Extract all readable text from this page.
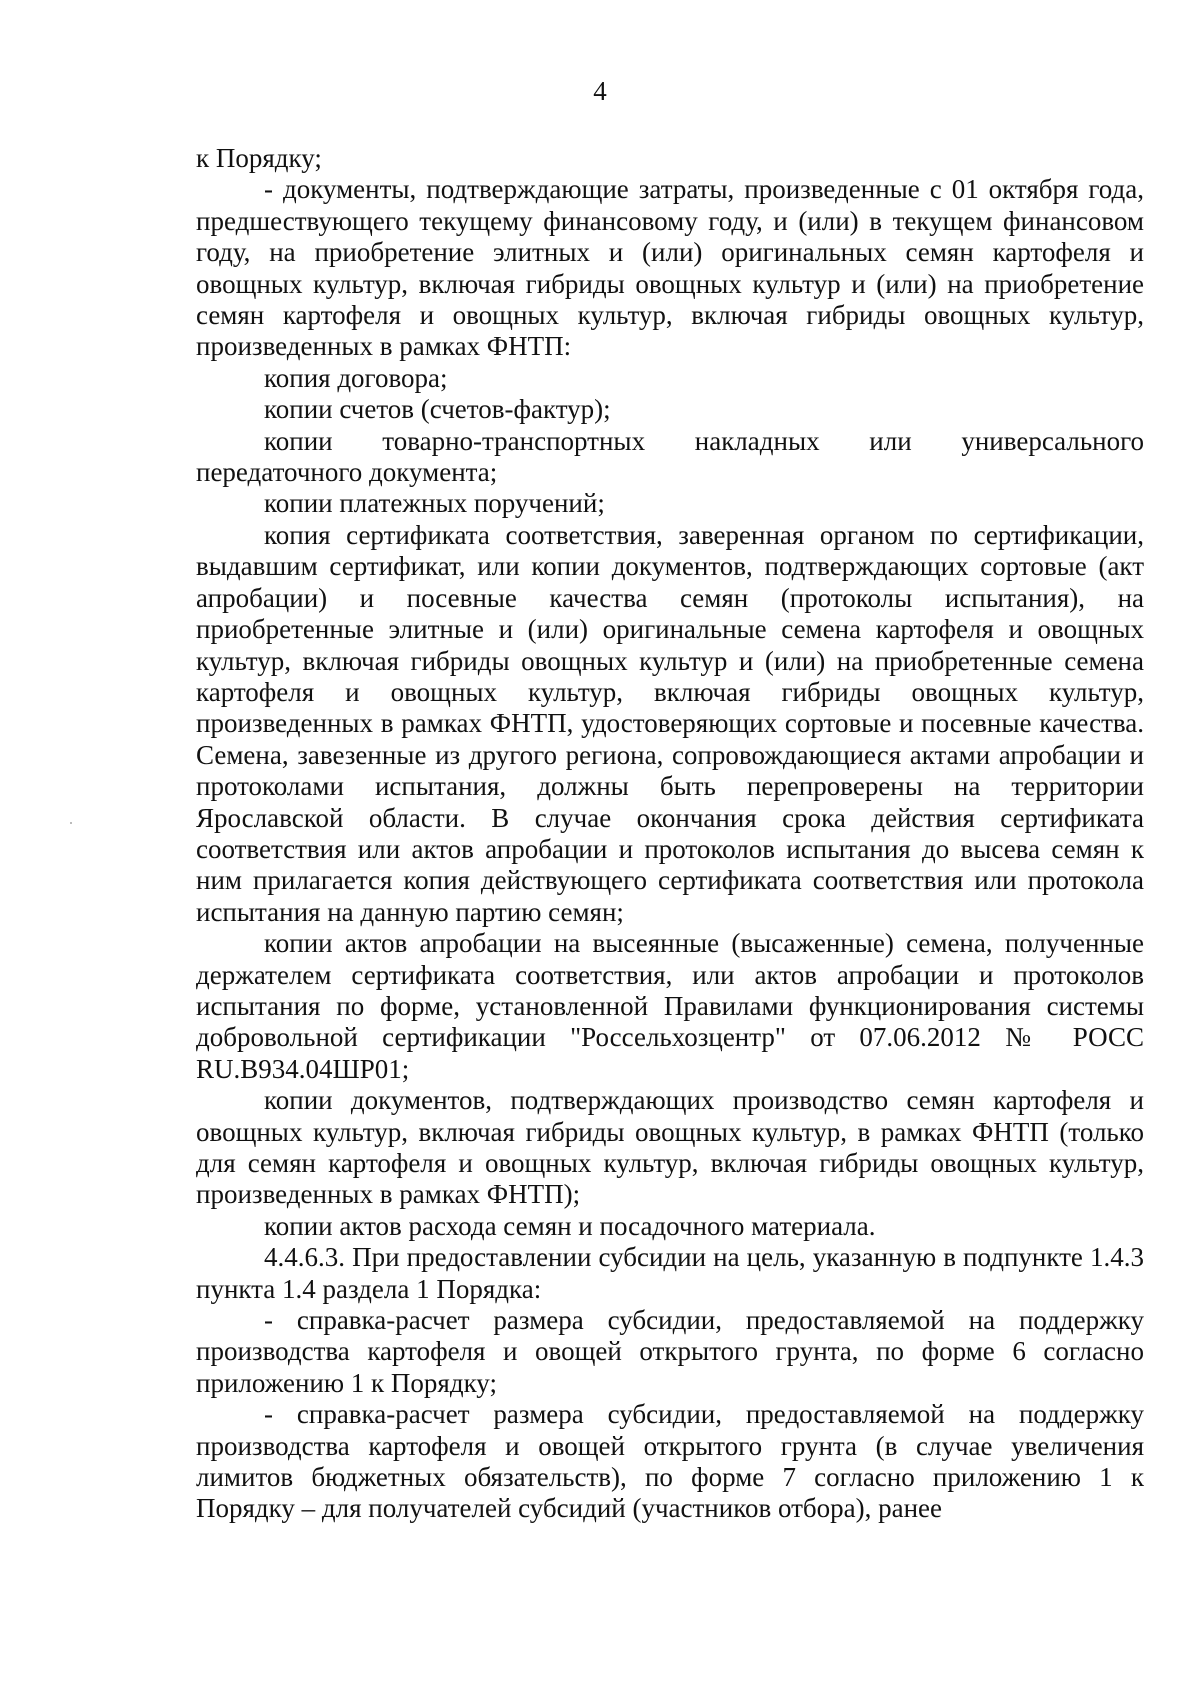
4

к Порядку;

- документы, подтверждающие затраты, произведенные с 01 октября года, предшествующего текущему финансовому году, и (или) в текущем финансовом году, на приобретение элитных и (или) оригинальных семян картофеля и овощных культур, включая гибриды овощных культур и (или) на приобретение семян картофеля и овощных культур, включая гибриды овощных культур, произведенных в рамках ФНТП:

копия договора;

копии счетов (счетов-фактур);

копии товарно-транспортных накладных или универсального передаточного документа;

копии платежных поручений;

копия сертификата соответствия, заверенная органом по сертификации, выдавшим сертификат, или копии документов, подтверждающих сортовые (акт апробации) и посевные качества семян (протоколы испытания), на приобретенные элитные и (или) оригинальные семена картофеля и овощных культур, включая гибриды овощных культур и (или) на приобретенные семена картофеля и овощных культур, включая гибриды овощных культур, произведенных в рамках ФНТП, удостоверяющих сортовые и посевные качества. Семена, завезенные из другого региона, сопровождающиеся актами апробации и протоколами испытания, должны быть перепроверены на территории Ярославской области. В случае окончания срока действия сертификата соответствия или актов апробации и протоколов испытания до высева семян к ним прилагается копия действующего сертификата соответствия или протокола испытания на данную партию семян;

копии актов апробации на высеянные (высаженные) семена, полученные держателем сертификата соответствия, или актов апробации и протоколов испытания по форме, установленной Правилами функционирования системы добровольной сертификации "Россельхозцентр" от 07.06.2012 № РОСС RU.В934.04ШР01;

копии документов, подтверждающих производство семян картофеля и овощных культур, включая гибриды овощных культур, в рамках ФНТП (только для семян картофеля и овощных культур, включая гибриды овощных культур, произведенных в рамках ФНТП);

копии актов расхода семян и посадочного материала.

4.4.6.3. При предоставлении субсидии на цель, указанную в подпункте 1.4.3 пункта 1.4 раздела 1 Порядка:

- справка-расчет размера субсидии, предоставляемой на поддержку производства картофеля и овощей открытого грунта, по форме 6 согласно приложению 1 к Порядку;

- справка-расчет размера субсидии, предоставляемой на поддержку производства картофеля и овощей открытого грунта (в случае увеличения лимитов бюджетных обязательств), по форме 7 согласно приложению 1 к Порядку – для получателей субсидий (участников отбора), ранее
